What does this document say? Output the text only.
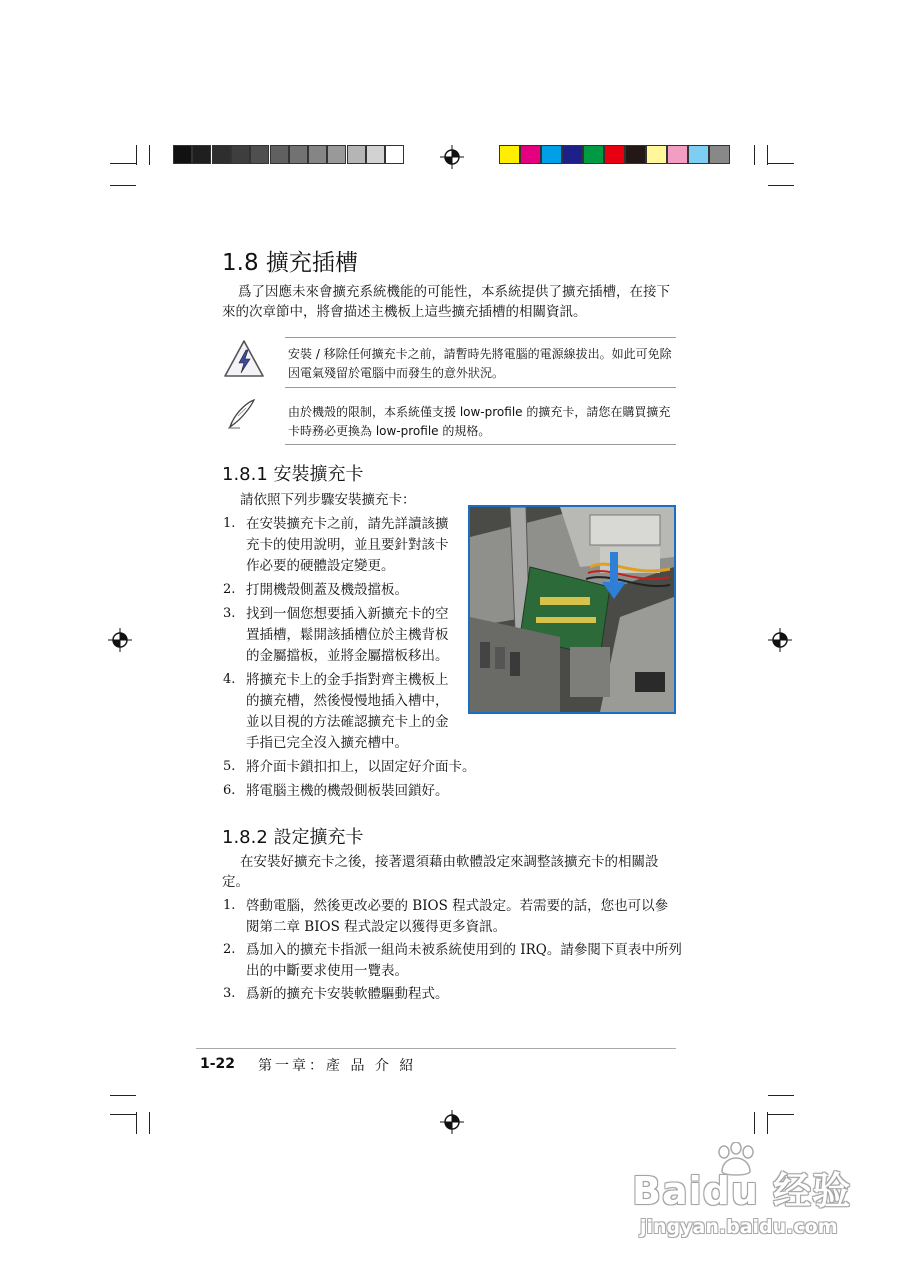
1.8 擴充插槽
爲了因應未來會擴充系統機能的可能性，本系統提供了擴充插槽，在接下
來的次章節中，將會描述主機板上這些擴充插槽的相關資訊。
安裝 / 移除任何擴充卡之前，請暫時先將電腦的電源線拔出。如此可免除
因電氣殘留於電腦中而發生的意外狀況。
由於機殼的限制，本系統僅支援 low-profile 的擴充卡，請您在購買擴充
卡時務必更換為 low-profile 的規格。
1.8.1 安裝擴充卡
請依照下列步驟安裝擴充卡：
1. 在安裝擴充卡之前，請先詳讀該擴
充卡的使用說明，並且要針對該卡
作必要的硬體設定變更。
2. 打開機殼側蓋及機殼擋板。
3. 找到一個您想要插入新擴充卡的空
置插槽，鬆開該插槽位於主機背板
的金屬擋板，並將金屬擋板移出。
4. 將擴充卡上的金手指對齊主機板上
的擴充槽，然後慢慢地插入槽中，
並以目視的方法確認擴充卡上的金
手指已完全沒入擴充槽中。
5. 將介面卡鎖扣扣上，以固定好介面卡。
6. 將電腦主機的機殼側板裝回鎖好。
1.8.2 設定擴充卡
在安裝好擴充卡之後，接著還須藉由軟體設定來調整該擴充卡的相關設
定。
1. 啓動電腦，然後更改必要的 BIOS 程式設定。若需要的話，您也可以參
閱第二章 BIOS 程式設定以獲得更多資訊。
2. 爲加入的擴充卡指派一組尚未被系統使用到的 IRQ。請參閱下頁表中所列
出的中斷要求使用一覽表。
3. 爲新的擴充卡安裝軟體驅動程式。
1-22 第一章：產 品 介 紹
Baidu 经验
jingyan.baidu.com
